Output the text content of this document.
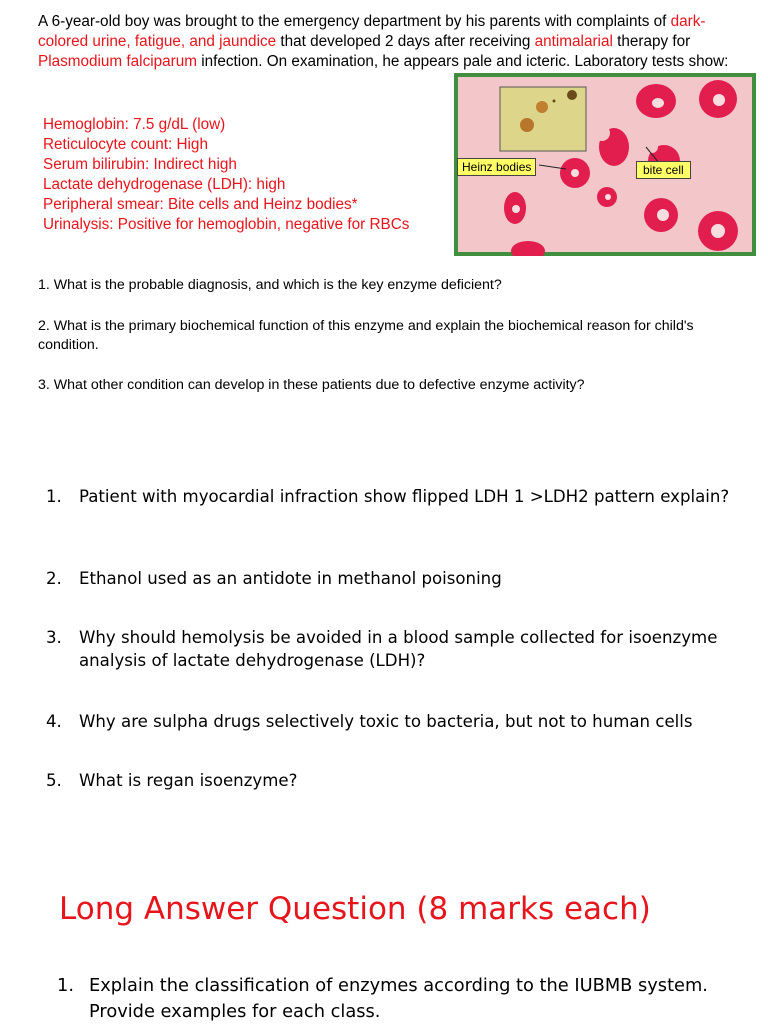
A 6-year-old boy was brought to the emergency department by his parents with complaints of dark- colored urine, fatigue, and jaundice that developed 2 days after receiving antimalarial therapy for Plasmodium falciparum infection. On examination, he appears pale and icteric. Laboratory tests show:

Hemoglobin: 7.5 g/dL (low)
Reticulocyte count: High
Serum bilirubin: Indirect high
Lactate dehydrogenase (LDH): high
Peripheral smear: Bite cells and Heinz bodies*
Urinalysis: Positive for hemoglobin, negative for RBCs
Heinz bodies	bite cell

1. What is the probable diagnosis, and which is the key enzyme deficient?

2. What is the primary biochemical function of this enzyme and explain the biochemical reason for child's condition.

3. What other condition can develop in these patients due to defective enzyme activity?

1.	Patient with myocardial infraction show flipped LDH 1 >LDH2 pattern explain?
2.	Ethanol used as an antidote in methanol poisoning
3.	Why should hemolysis be avoided in a blood sample collected for isoenzyme analysis of lactate dehydrogenase (LDH)?
4.	Why are sulpha drugs selectively toxic to bacteria, but not to human cells
5.	What is regan isoenzyme?
Long Answer Question (8 marks each)
1. Explain the classification of enzymes according to the IUBMB system. Provide examples for each class.
